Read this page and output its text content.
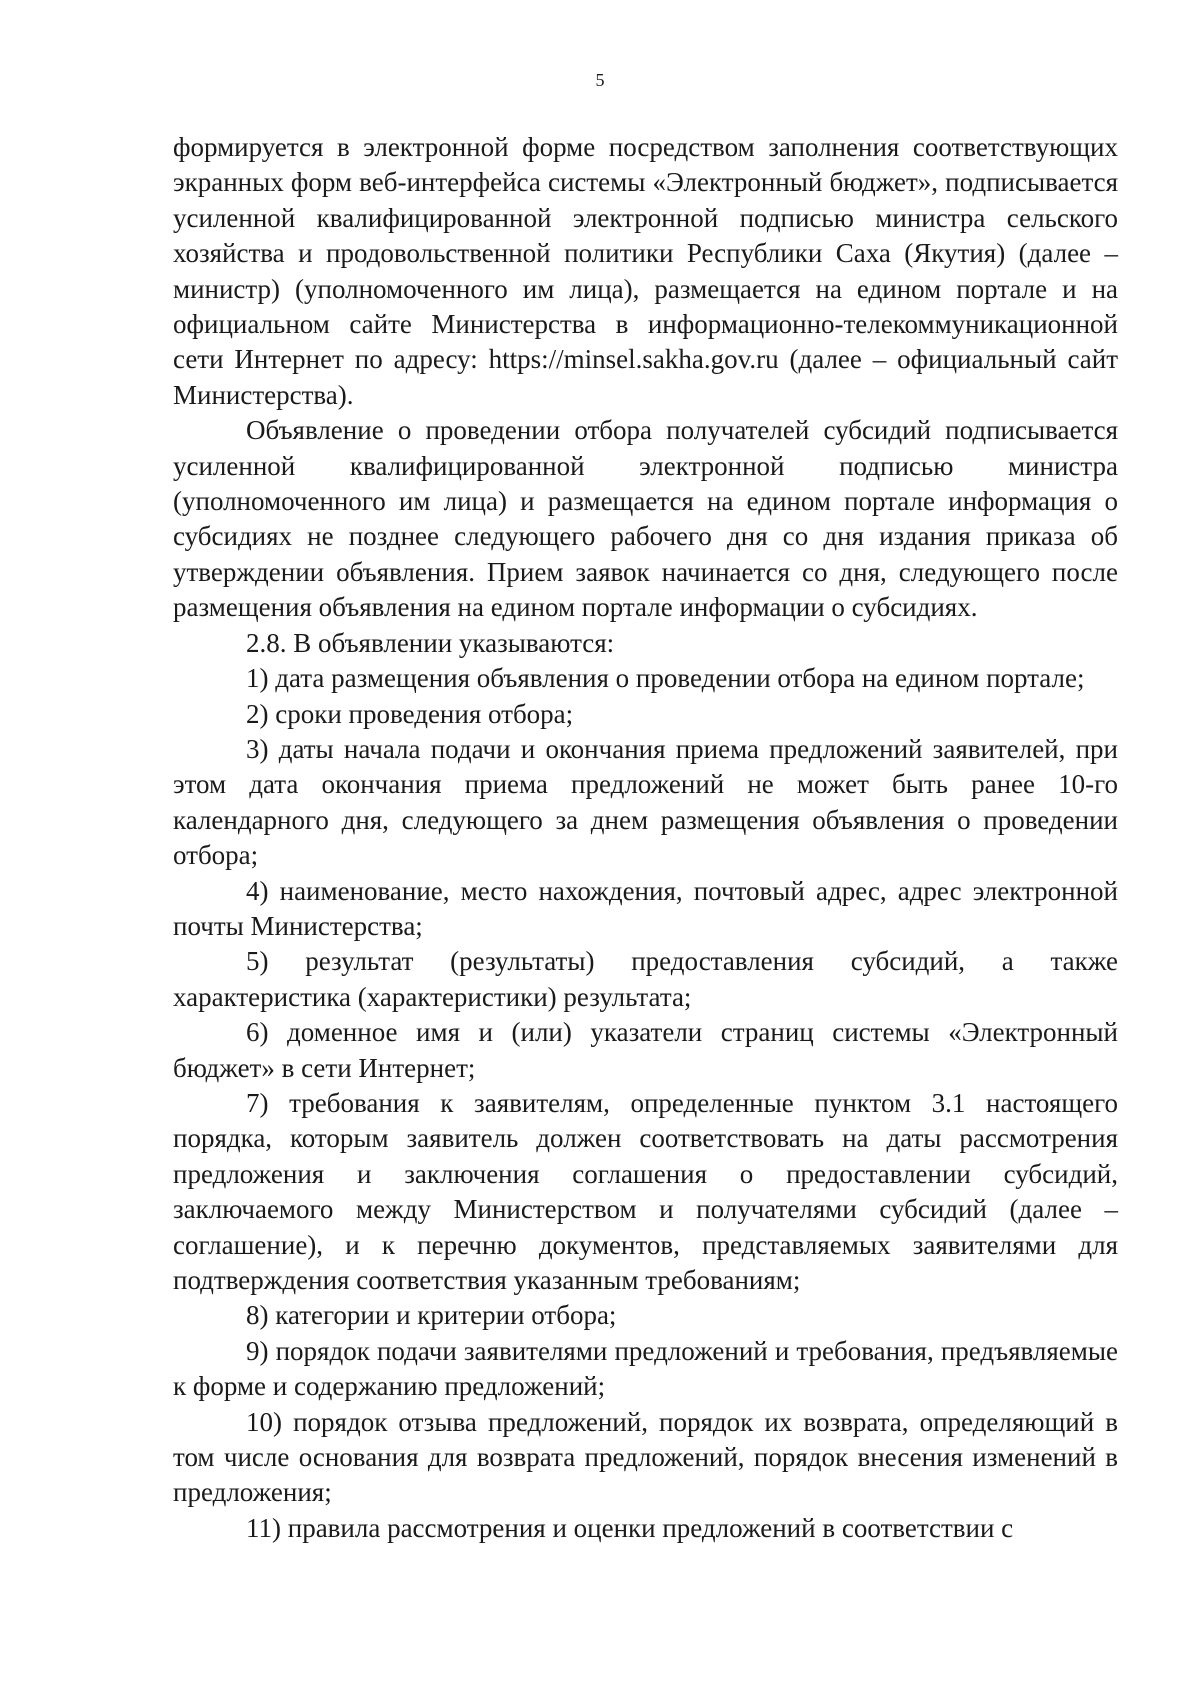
5

формируется в электронной форме посредством заполнения соответствующих экранных форм веб-интерфейса системы «Электронный бюджет», подписывается усиленной квалифицированной электронной подписью министра сельского хозяйства и продовольственной политики Республики Саха (Якутия) (далее – министр) (уполномоченного им лица), размещается на едином портале и на официальном сайте Министерства в информационно-телекоммуникационной сети Интернет по адресу: https://minsel.sakha.gov.ru (далее – официальный сайт Министерства).

Объявление о проведении отбора получателей субсидий подписывается усиленной квалифицированной электронной подписью министра (уполномоченного им лица) и размещается на едином портале информация о субсидиях не позднее следующего рабочего дня со дня издания приказа об утверждении объявления. Прием заявок начинается со дня, следующего после размещения объявления на едином портале информации о субсидиях.

2.8. В объявлении указываются:

1) дата размещения объявления о проведении отбора на едином портале;

2) сроки проведения отбора;

3) даты начала подачи и окончания приема предложений заявителей, при этом дата окончания приема предложений не может быть ранее 10-го календарного дня, следующего за днем размещения объявления о проведении отбора;

4) наименование, место нахождения, почтовый адрес, адрес электронной почты Министерства;

5) результат (результаты) предоставления субсидий, а также характеристика (характеристики) результата;

6) доменное имя и (или) указатели страниц системы «Электронный бюджет» в сети Интернет;

7) требования к заявителям, определенные пунктом 3.1 настоящего порядка, которым заявитель должен соответствовать на даты рассмотрения предложения и заключения соглашения о предоставлении субсидий, заключаемого между Министерством и получателями субсидий (далее – соглашение), и к перечню документов, представляемых заявителями для подтверждения соответствия указанным требованиям;

8) категории и критерии отбора;

9) порядок подачи заявителями предложений и требования, предъявляемые к форме и содержанию предложений;

10) порядок отзыва предложений, порядок их возврата, определяющий в том числе основания для возврата предложений, порядок внесения изменений в предложения;

11) правила рассмотрения и оценки предложений в соответствии с
